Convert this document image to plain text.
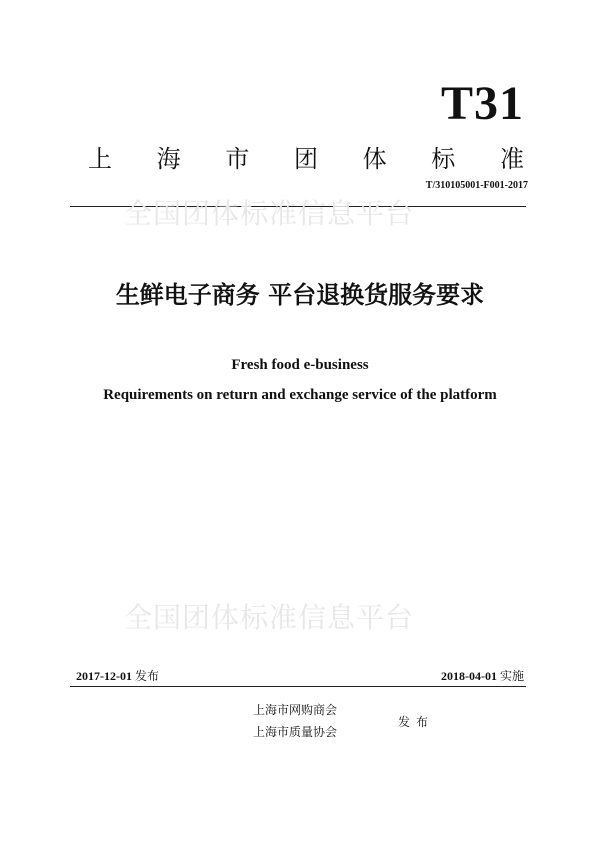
T31
上 海 市 团 体 标 准
T/310105001-F001-2017
全国团体标准信息平台
生鲜电子商务 平台退换货服务要求
Fresh food e-business
Requirements on return and exchange service of the platform
全国团体标准信息平台
2017-12-01 发布	2018-04-01 实施
上海市网购商会
上海市质量协会
发布
